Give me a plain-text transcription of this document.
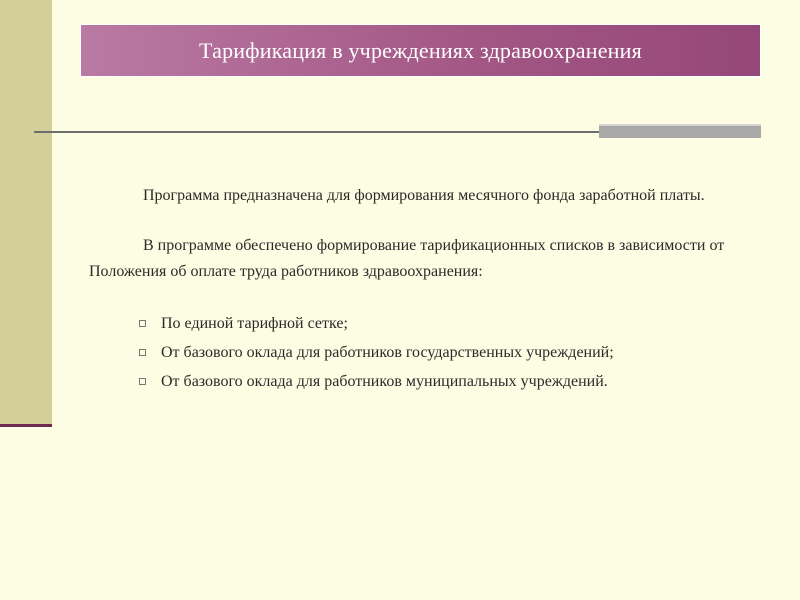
Тарификация в учреждениях здравоохранения

Программа предназначена для формирования месячного фонда заработной платы.

В программе обеспечено формирование тарификационных списков в зависимости от Положения об оплате труда работников здравоохранения:

По единой тарифной сетке;
От базового оклада для работников государственных учреждений;
От базового оклада для работников муниципальных учреждений.
